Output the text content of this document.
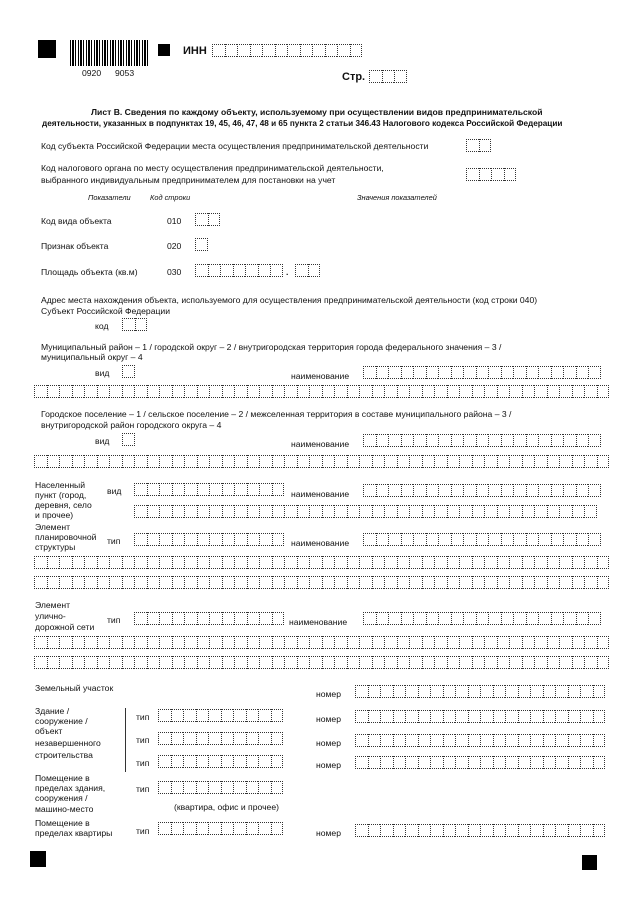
0920 9053
ИНН
Стр.
Лист В. Сведения по каждому объекту, используемому при осуществлении видов предпринимательской
деятельности, указанных в подпунктах 19, 45, 46, 47, 48 и 65 пункта 2 статьи 346.43 Налогового кодекса Российской Федерации
Код субъекта Российской Федерации места осуществления предпринимательской деятельности
Код налогового органа по месту осуществления предпринимательской деятельности,
выбранного индивидуальным предпринимателем для постановки на учет
Показатели	Код строки	Значения показателей
Код вида объекта	010
Признак объекта	020
Площадь объекта (кв.м)	030	.
Адрес места нахождения объекта, используемого для осуществления предпринимательской деятельности (код строки 040)
Субъект Российской Федерации
код
Муниципальный район – 1 / городской округ – 2 / внутригородская территория города федерального значения – 3 /
муниципальный округ – 4
вид	наименование
Городское поселение – 1 / сельское поселение – 2 / межселенная территория в составе муниципального района – 3 /
внутригородской район городского округа – 4
вид	наименование
Населенный
пункт (город,
деревня, село
и прочее)
вид	наименование
Элемент
планировочной
структуры
тип	наименование
Элемент
улично-
дорожной сети
тип	наименование
Земельный участок
номер
Здание /
сооружение /
объект
незавершенного
строительства
тип	номер
тип	номер
тип	номер
Помещение в
пределах здания,
сооружения /
машино-место
тип
(квартира, офис и прочее)
Помещение в
пределах квартиры	тип	номер
